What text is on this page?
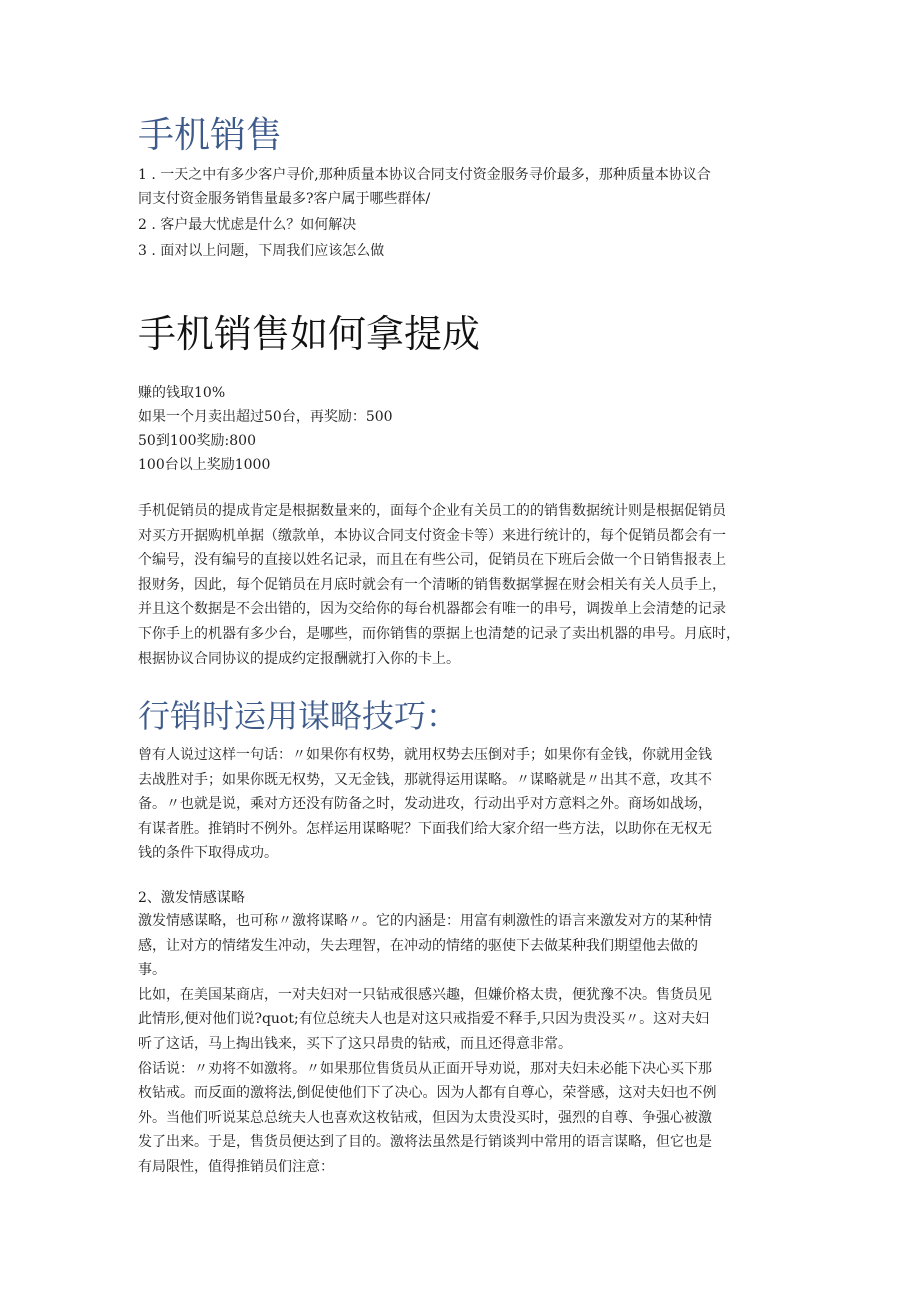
手机销售

1 . 一天之中有多少客户寻价,那种质量本协议合同支付资金服务寻价最多，那种质量本协议合

同支付资金服务销售量最多?客户属于哪些群体/

2 . 客户最大忧虑是什么？如何解决

3 . 面对以上问题，下周我们应该怎么做

手机销售如何拿提成

赚的钱取10%

如果一个月卖出超过50台，再奖励：500

50到100奖励:800

100台以上奖励1000

手机促销员的提成肯定是根据数量来的，面每个企业有关员工的的销售数据统计则是根据促销员
对买方开据购机单据（缴款单，本协议合同支付资金卡等）来进行统计的，每个促销员都会有一
个编号，没有编号的直接以姓名记录，而且在有些公司，促销员在下班后会做一个日销售报表上
报财务，因此，每个促销员在月底时就会有一个清晰的销售数据掌握在财会相关有关人员手上，
并且这个数据是不会出错的，因为交给你的每台机器都会有唯一的串号，调拨单上会清楚的记录
下你手上的机器有多少台，是哪些，而你销售的票据上也清楚的记录了卖出机器的串号。月底时，
根据协议合同协议的提成约定报酬就打入你的卡上。
行销时运用谋略技巧：
曾有人说过这样一句话：〃如果你有权势，就用权势去压倒对手；如果你有金钱，你就用金钱
去战胜对手；如果你既无权势，又无金钱，那就得运用谋略。〃谋略就是〃出其不意，攻其不
备。〃也就是说，乘对方还没有防备之时，发动进攻，行动出乎对方意料之外。商场如战场，
有谋者胜。推销时不例外。怎样运用谋略呢？下面我们给大家介绍一些方法，以助你在无权无
钱的条件下取得成功。

2、激发情感谋略

激发情感谋略，也可称〃激将谋略〃。它的内涵是：用富有刺激性的语言来激发对方的某种情
感，让对方的情绪发生冲动，失去理智，在冲动的情绪的驱使下去做某种我们期望他去做的
事。
比如，在美国某商店，一对夫妇对一只钻戒很感兴趣，但嫌价格太贵，便犹豫不决。售货员见
此情形,便对他们说?quot;有位总统夫人也是对这只戒指爱不释手,只因为贵没买〃。这对夫妇
听了这话，马上掏出钱来，买下了这只昂贵的钻戒，而且还得意非常。
俗话说：〃劝将不如激将。〃如果那位售货员从正面开导劝说，那对夫妇未必能下决心买下那
枚钻戒。而反面的激将法,倒促使他们下了决心。因为人都有自尊心，荣誉感，这对夫妇也不例
外。当他们听说某总总统夫人也喜欢这枚钻戒，但因为太贵没买时，强烈的自尊、争强心被激
发了出来。于是，售货员便达到了目的。激将法虽然是行销谈判中常用的语言谋略，但它也是
有局限性，值得推销员们注意：
